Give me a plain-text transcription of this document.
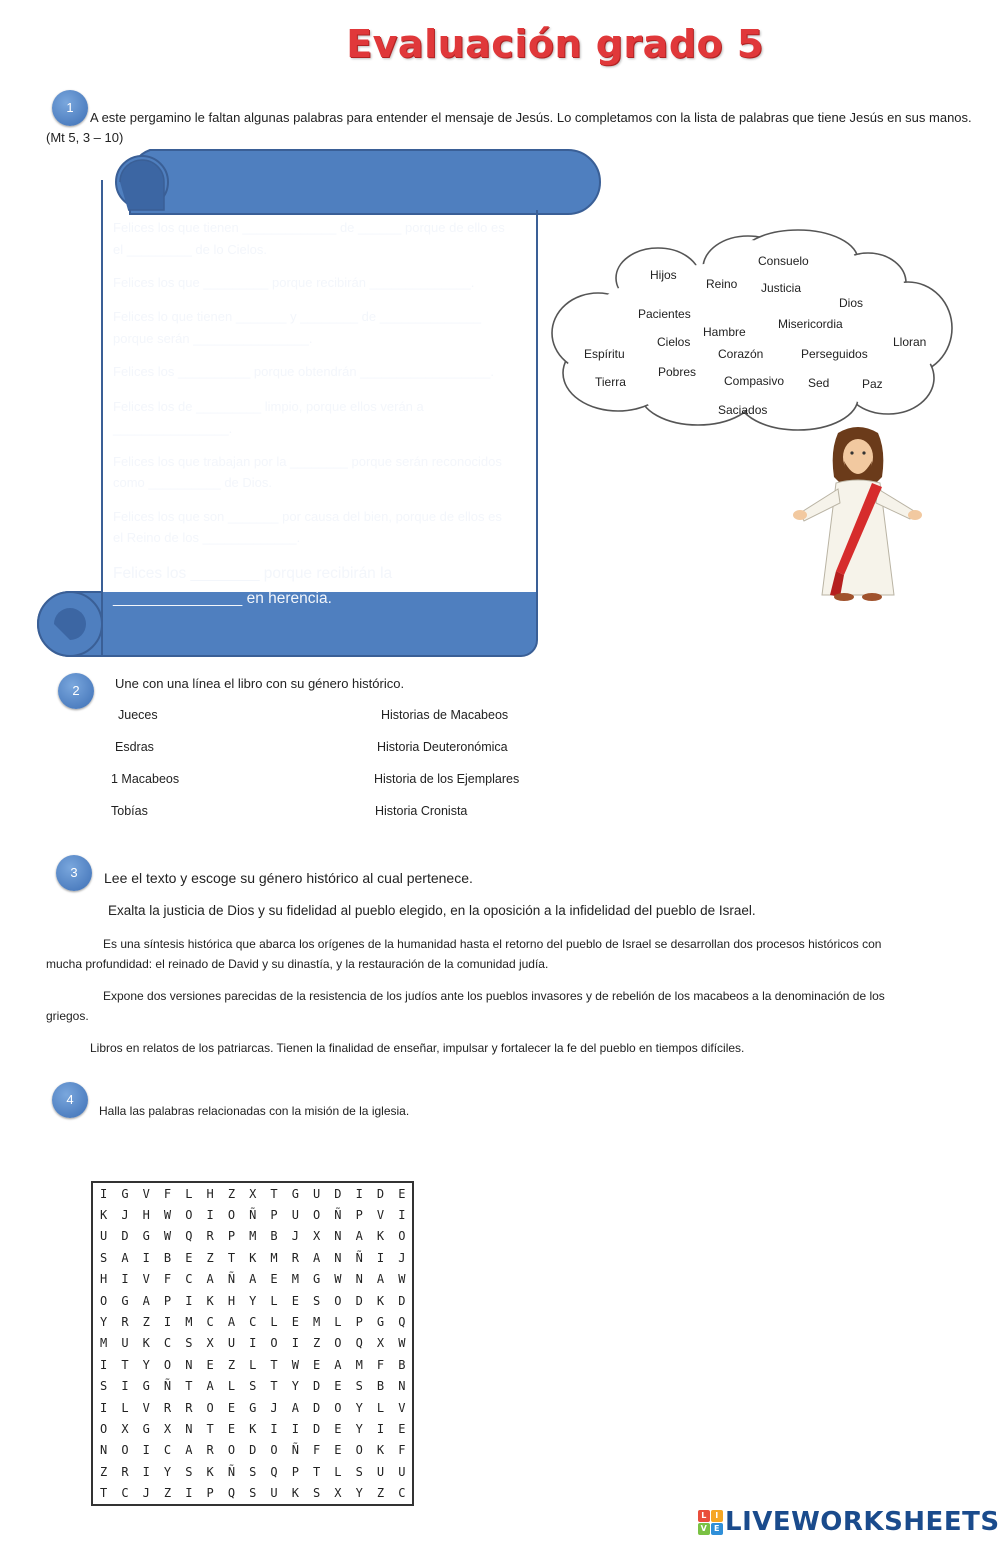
Evaluación grado 5
1
A este pergamino le faltan algunas palabras para entender el mensaje de Jesús. Lo completamos con la lista de palabras que tiene Jesús en sus manos.
(Mt 5, 3 – 10)
Felices los que tienen _____________ de ______ porque de ello es
el _________ de lo Cielos.
Felices los que _________ porque recibirán ______________.
Felices lo que tienen _______ y ________ de ______________
porque serán ________________.
Felices los __________ porque obtendrán __________________.
Felices los de _________ limpio, porque ellos verán a
________________.
Felices los que trabajan por la ________ porque serán reconocidos
como __________ de Dios.
Felices los que son _______ por causa del bien, porque de ellos es
el Reino de los _____________.
Felices los ________ porque recibirán la
_______________ en herencia.
Consuelo
Hijos
Reino Justicia
Dios
Pacientes
Misericordia
Hambre
Cielos
Espíritu	Corazón	Perseguidos
Lloran
Tierra
Pobres
Compasivo Sed	Paz
Saciados
2	Une con una línea el libro con su género histórico.
Jueces
Esdras
1 Macabeos
Tobías
Historias de Macabeos
Historia Deuteronómica
Historia de los Ejemplares
Historia Cronista
3	Lee el texto y escoge su género histórico al cual pertenece.
Exalta la justicia de Dios y su fidelidad al pueblo elegido, en la oposición a la infidelidad del pueblo de Israel.
Es una síntesis histórica que abarca los orígenes de la humanidad hasta el retorno del pueblo de Israel se desarrollan dos procesos históricos con
mucha profundidad: el reinado de David y su dinastía, y la restauración de la comunidad judía.
Expone dos versiones parecidas de la resistencia de los judíos ante los pueblos invasores y de rebelión de los macabeos a la denominación de los
griegos.
Libros en relatos de los patriarcas. Tienen la finalidad de enseñar, impulsar y fortalecer la fe del pueblo en tiempos difíciles.
4
Halla las palabras relacionadas con la misión de la iglesia.
I	G	V	F	L	H	Z	X	T	G	U	D	I	D	E
K	J	H	W	O	I	O	Ñ	P	U	O	Ñ	P	V	I
U	D	G	W	Q	R	P	M	B	J	X	N	A	K	O
S	A	I	B	E	Z	T	K	M	R	A	N	Ñ	I	J
H	I	V	F	C	A	Ñ	A	E	M	G	W	N	A	W
O	G	A	P	I	K	H	Y	L	E	S	O	D	K	D
Y	R	Z	I	M	C	A	C	L	E	M	L	P	G	Q
M	U	K	C	S	X	U	I	O	I	Z	O	Q	X	W
I	T	Y	O	N	E	Z	L	T	W	E	A	M	F	B
S	I	G	Ñ	T	A	L	S	T	Y	D	E	S	B	N
I	L	V	R	R	O	E	G	J	A	D	O	Y	L	V
O	X	G	X	N	T	E	K	I	I	D	E	Y	I	E
N	O	I	C	A	R	O	D	O	Ñ	F	E	O	K	F
Z	R	I	Y	S	K	Ñ	S	Q	P	T	L	S	U	U
T	C	J	Z	I	P	Q	S	U	K	S	X	Y	Z	C
L	I
V E LIVEWORKSHEETS
